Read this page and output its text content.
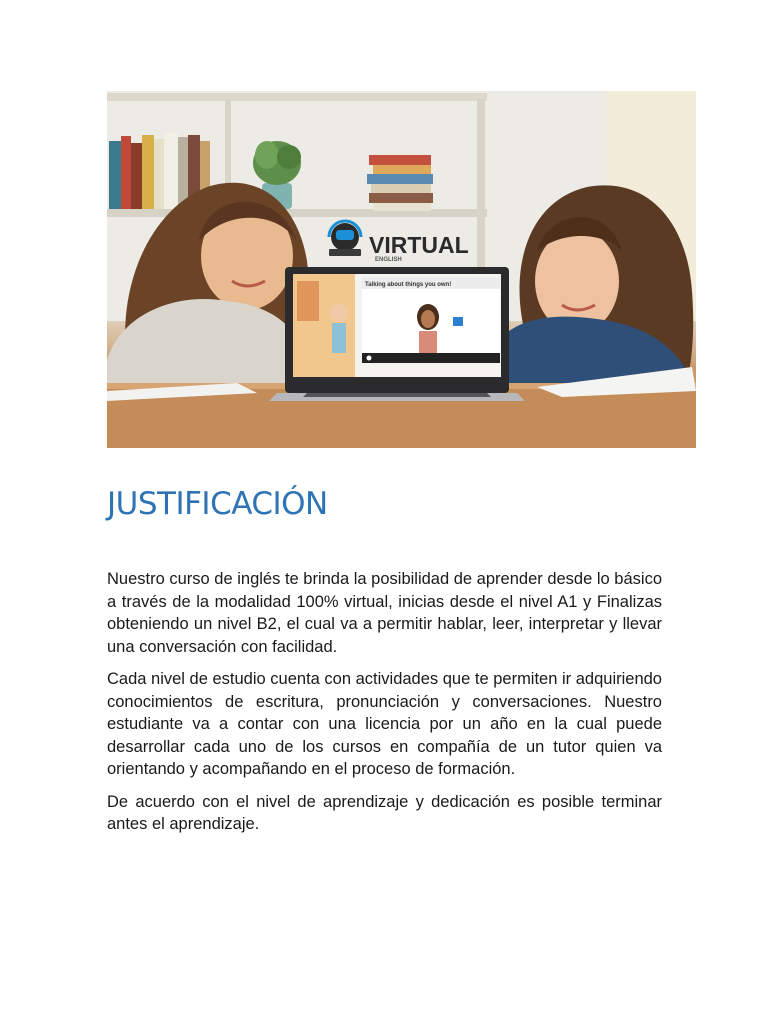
VIRTUAL
ENGLISH
Talking about things you own!
JUSTIFICACIÓN

Nuestro curso de inglés te brinda la posibilidad de aprender desde lo básico a través de la modalidad 100% virtual, inicias desde el nivel A1 y Finalizas obteniendo un nivel B2, el cual va a permitir hablar, leer, interpretar y llevar una conversación con facilidad.

Cada nivel de estudio cuenta con actividades que te permiten ir adquiriendo conocimientos de escritura, pronunciación y conversaciones. Nuestro estudiante va a contar con una licencia por un año en la cual puede desarrollar cada uno de los cursos en compañía de un tutor quien va orientando y acompañando en el proceso de formación.

De acuerdo con el nivel de aprendizaje y dedicación es posible terminar antes el aprendizaje.
